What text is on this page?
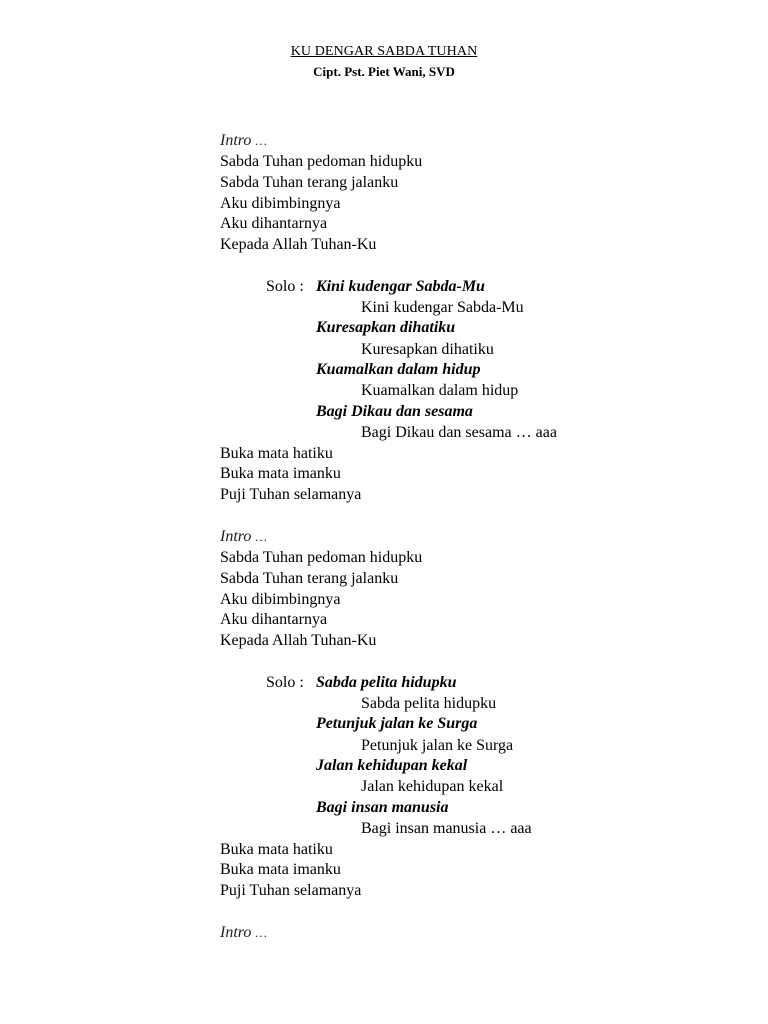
KU DENGAR SABDA TUHAN
Cipt. Pst. Piet Wani, SVD
Intro …
Sabda Tuhan pedoman hidupku
Sabda Tuhan terang jalanku
Aku dibimbingnya
Aku dihantarnya
Kepada Allah Tuhan-Ku
Solo : Kini kudengar Sabda-Mu
Kini kudengar Sabda-Mu
Kuresapkan dihatiku
Kuresapkan dihatiku
Kuamalkan dalam hidup
Kuamalkan dalam hidup
Bagi Dikau dan sesama
Bagi Dikau dan sesama … aaa
Buka mata hatiku
Buka mata imanku
Puji Tuhan selamanya
Intro …
Sabda Tuhan pedoman hidupku
Sabda Tuhan terang jalanku
Aku dibimbingnya
Aku dihantarnya
Kepada Allah Tuhan-Ku
Solo : Sabda pelita hidupku
Sabda pelita hidupku
Petunjuk jalan ke Surga
Petunjuk jalan ke Surga
Jalan kehidupan kekal
Jalan kehidupan kekal
Bagi insan manusia
Bagi insan manusia … aaa
Buka mata hatiku
Buka mata imanku
Puji Tuhan selamanya
Intro …
